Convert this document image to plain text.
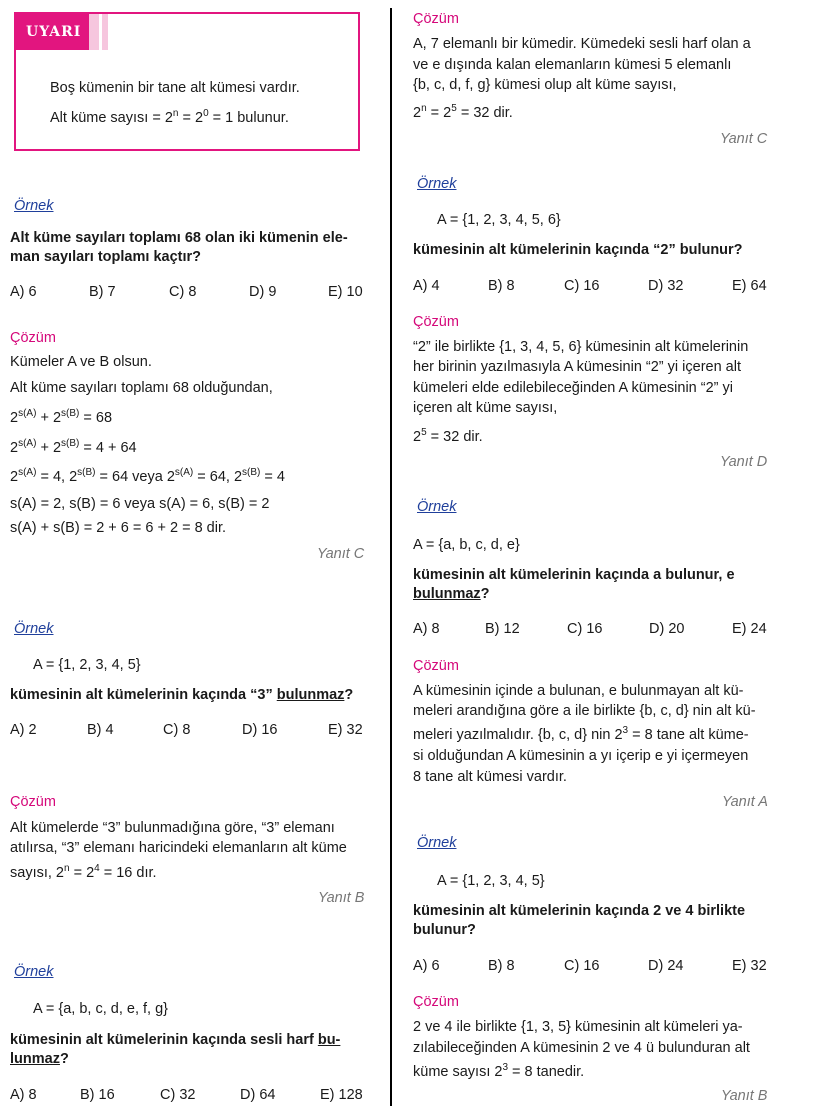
UYARI
Boş kümenin bir tane alt kümesi vardır.
Alt küme sayısı = $2^n = 2^0 = 1$ bulunur.
Örnek
Alt küme sayıları toplamı 68 olan iki kümenin ele-
man sayıları toplamı kaçtır?
A) 6	B) 7	C) 8	D) 9	E) 10
Çözüm
Kümeler A ve B olsun.
Alt küme sayıları toplamı 68 olduğundan,
$2^{s(A)} + 2^{s(B)} = 68$
$2^{s(A)} + 2^{s(B)} = 4 + 64$
$2^{s(A)} = 4$, $2^{s(B)} = 64$ veya $2^{s(A)} = 64$, $2^{s(B)} = 4$
s(A) = 2, s(B) = 6 veya s(A) = 6, s(B) = 2
s(A) + s(B) = 2 + 6 = 6 + 2 = 8 dir.
Yanıt C
Örnek
A = {1, 2, 3, 4, 5}
kümesinin alt kümelerinin kaçında “3” bulunmaz?
A) 2	B) 4	C) 8	D) 16	E) 32
Çözüm
Alt kümelerde “3” bulunmadığına göre, “3” elemanı
atılırsa, “3” elemanı haricindeki elemanların alt küme
sayısı, $2^n = 2^4 = 16$ dır.
Yanıt B
Örnek
A = {a, b, c, d, e, f, g}
kümesinin alt kümelerinin kaçında sesli harf bu-
lunmaz?
A) 8	B) 16	C) 32	D) 64	E) 128
Çözüm
A, 7 elemanlı bir kümedir. Kümedeki sesli harf olan a
ve e dışında kalan elemanların kümesi 5 elemanlı
{b, c, d, f, g} kümesi olup alt küme sayısı,
$2^n = 2^5 = 32$ dir.
Yanıt C
Örnek
A = {1, 2, 3, 4, 5, 6}
kümesinin alt kümelerinin kaçında “2” bulunur?
A) 4	B) 8	C) 16	D) 32	E) 64
Çözüm
“2” ile birlikte {1, 3, 4, 5, 6} kümesinin alt kümelerinin
her birinin yazılmasıyla A kümesinin “2” yi içeren alt
kümeleri elde edilebileceğinden A kümesinin “2” yi
içeren alt küme sayısı,
$2^5 = 32$ dir.
Yanıt D
Örnek
A = {a, b, c, d, e}
kümesinin alt kümelerinin kaçında a bulunur, e
bulunmaz?
A) 8	B) 12	C) 16	D) 20	E) 24
Çözüm
A kümesinin içinde a bulunan, e bulunmayan alt kü-
meleri arandığına göre a ile birlikte {b, c, d} nin alt kü-
meleri yazılmalıdır. {b, c, d} nin $2^3 = 8$ tane alt küme-
si olduğundan A kümesinin a yı içerip e yi içermeyen
8 tane alt kümesi vardır.
Yanıt A
Örnek
A = {1, 2, 3, 4, 5}
kümesinin alt kümelerinin kaçında 2 ve 4 birlikte
bulunur?
A) 6	B) 8	C) 16	D) 24	E) 32
Çözüm
2 ve 4 ile birlikte {1, 3, 5} kümesinin alt kümeleri ya-
zılabileceğinden A kümesinin 2 ve 4 ü bulunduran alt
küme sayısı $2^3 = 8$ tanedir.
Yanıt B
